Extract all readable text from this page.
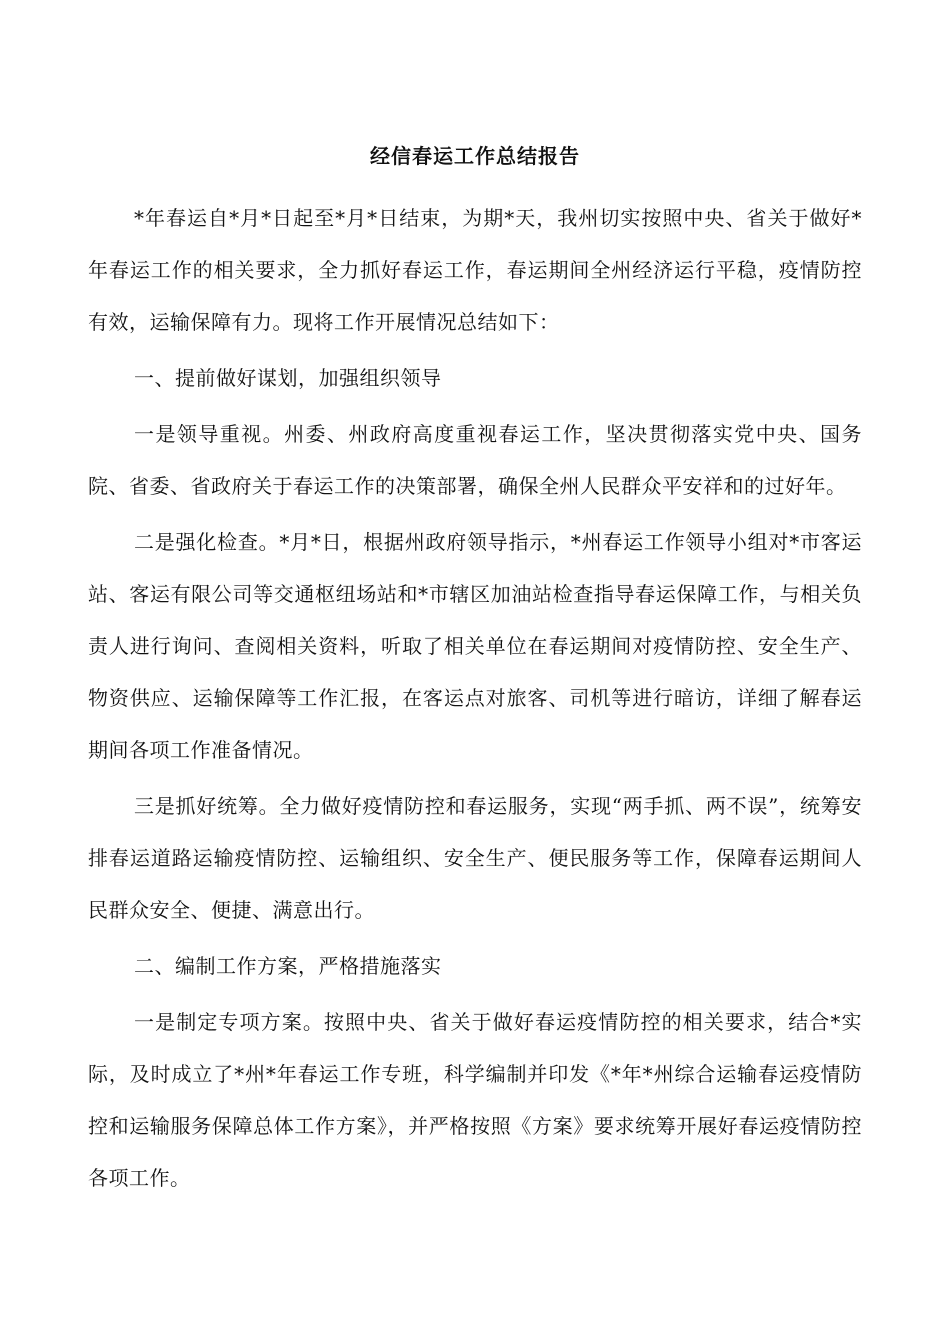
经信春运工作总结报告

*年春运自*月*日起至*月*日结束，为期*天，我州切实按照中央、省关于做好*年春运工作的相关要求，全力抓好春运工作，春运期间全州经济运行平稳，疫情防控有效，运输保障有力。现将工作开展情况总结如下：

一、提前做好谋划，加强组织领导

一是领导重视。州委、州政府高度重视春运工作，坚决贯彻落实党中央、国务院、省委、省政府关于春运工作的决策部署，确保全州人民群众平安祥和的过好年。

二是强化检查。*月*日，根据州政府领导指示，*州春运工作领导小组对*市客运站、客运有限公司等交通枢纽场站和*市辖区加油站检查指导春运保障工作，与相关负责人进行询问、查阅相关资料，听取了相关单位在春运期间对疫情防控、安全生产、物资供应、运输保障等工作汇报，在客运点对旅客、司机等进行暗访，详细了解春运期间各项工作准备情况。

三是抓好统筹。全力做好疫情防控和春运服务，实现“两手抓、两不误”，统筹安排春运道路运输疫情防控、运输组织、安全生产、便民服务等工作，保障春运期间人民群众安全、便捷、满意出行。

二、编制工作方案，严格措施落实

一是制定专项方案。按照中央、省关于做好春运疫情防控的相关要求，结合*实际，及时成立了*州*年春运工作专班，科学编制并印发《*年*州综合运输春运疫情防控和运输服务保障总体工作方案》，并严格按照《方案》要求统筹开展好春运疫情防控各项工作。
